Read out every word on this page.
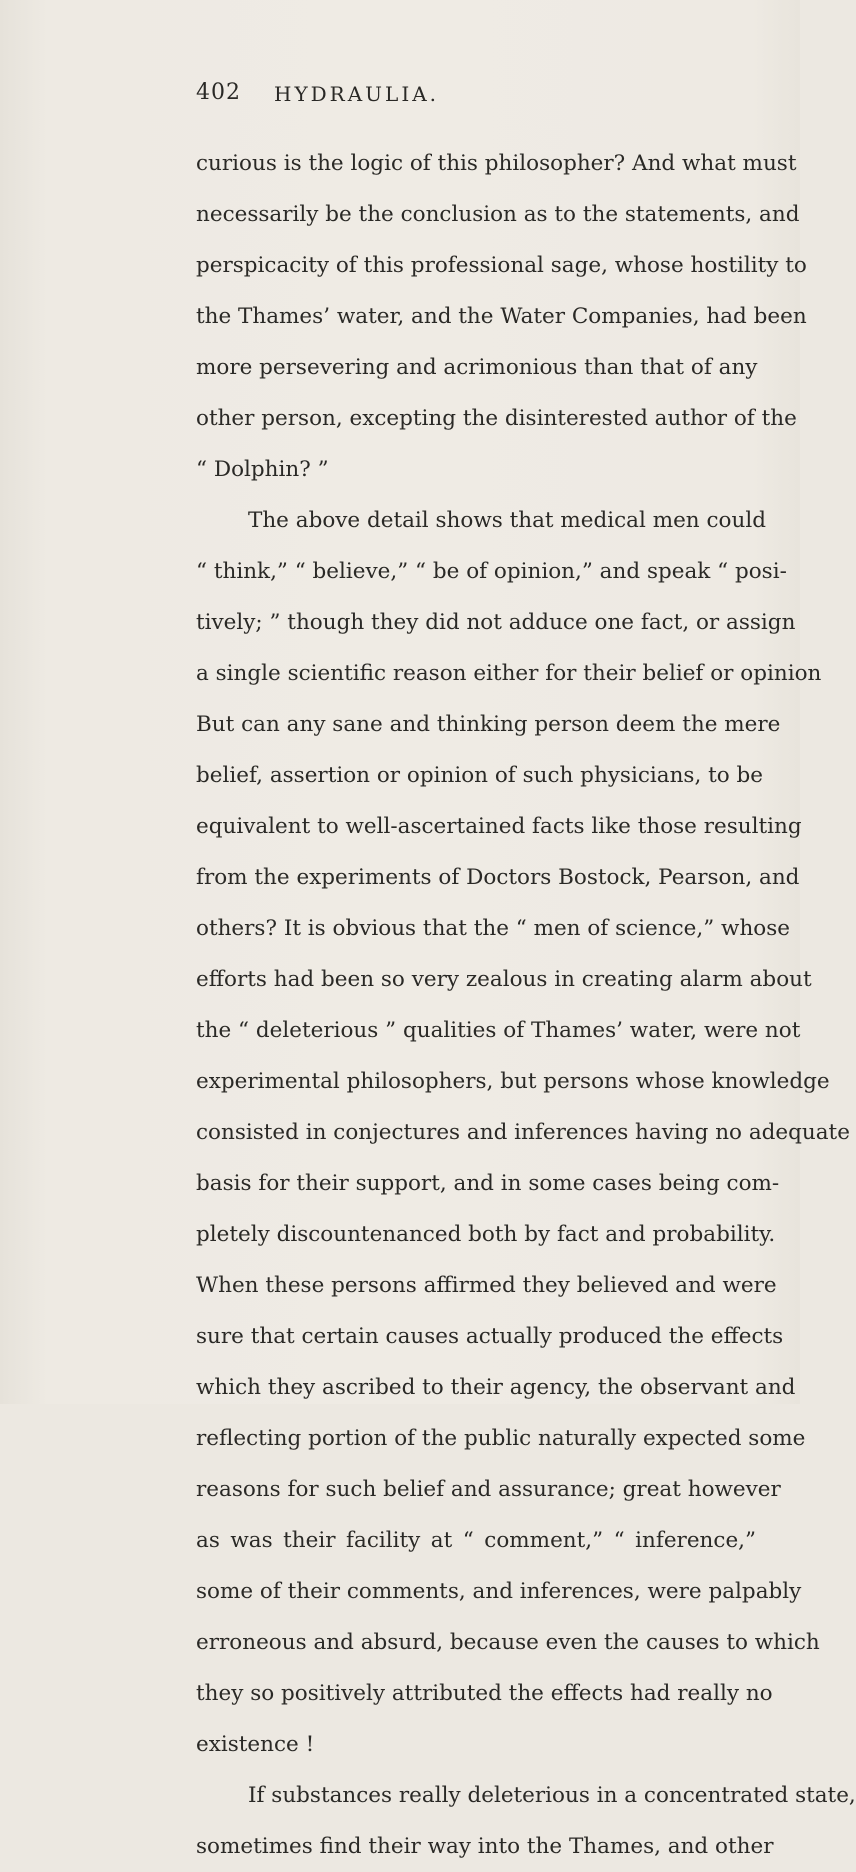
402 HYDRAULIA.
curious is the logic of this philosopher? And what must
necessarily be the conclusion as to the statements, and
perspicacity of this professional sage, whose hostility to
the Thames’ water, and the Water Companies, had been
more persevering and acrimonious than that of any
other person, excepting the disinterested author of the
“ Dolphin? ”
The above detail shows that medical men could
“ think,” “ believe,” “ be of opinion,” and speak “ posi-
tively; ” though they did not adduce one fact, or assign
a single scientific reason either for their belief or opinion
But can any sane and thinking person deem the mere
belief, assertion or opinion of such physicians, to be
equivalent to well-ascertained facts like those resulting
from the experiments of Doctors Bostock, Pearson, and
others? It is obvious that the “ men of science,” whose
efforts had been so very zealous in creating alarm about
the “ deleterious ” qualities of Thames’ water, were not
experimental philosophers, but persons whose knowledge
consisted in conjectures and inferences having no adequate
basis for their support, and in some cases being com-
pletely discountenanced both by fact and probability.
When these persons affirmed they believed and were
sure that certain causes actually produced the effects
which they ascribed to their agency, the observant and
reflecting portion of the public naturally expected some
reasons for such belief and assurance; great however
as was their facility at “ comment,” “ inference,”
some of their comments, and inferences, were palpably
erroneous and absurd, because even the causes to which
they so positively attributed the effects had really no
existence !
If substances really deleterious in a concentrated state,
sometimes find their way into the Thames, and other
